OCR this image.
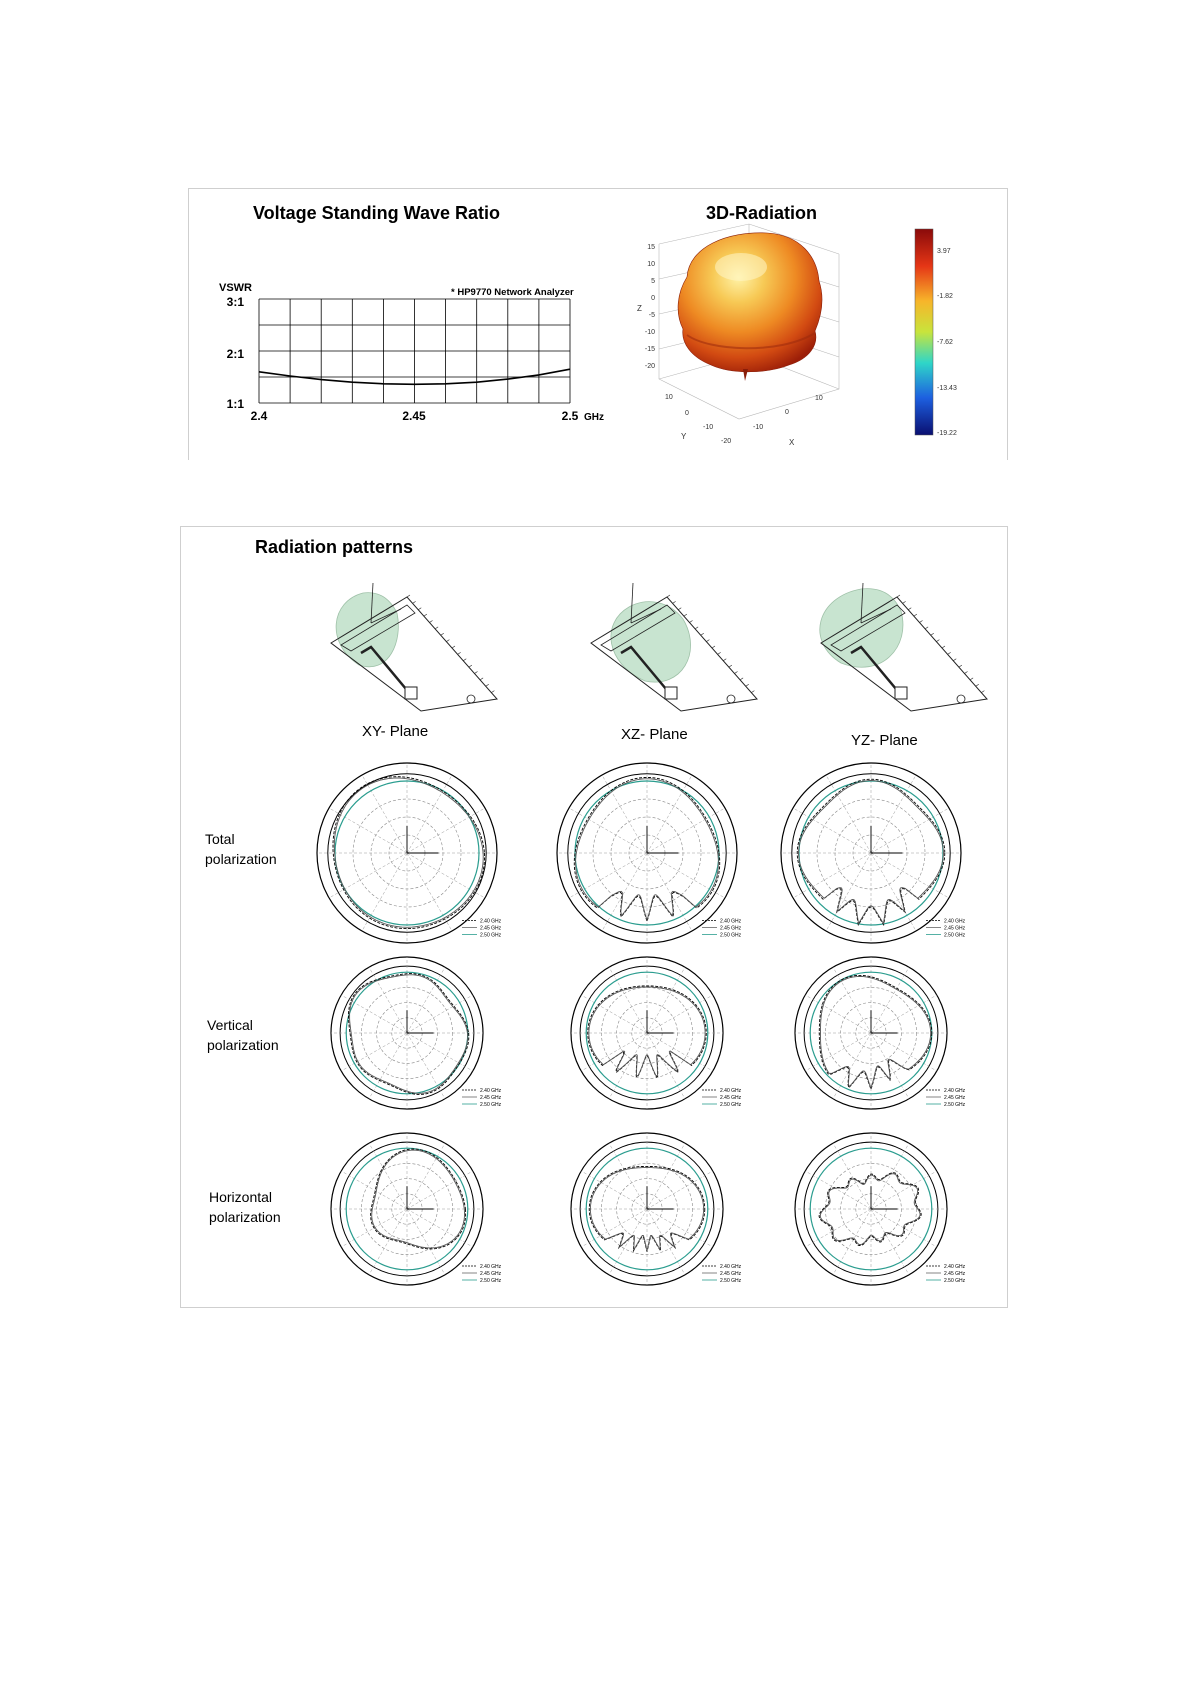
Voltage Standing Wave Ratio	3D-Radiation
VSWR
3:1
2:1
1:1
* HP9770 Network Analyzer
2.4	2.45	2.5 GHz
15
10
5
0
-5
-10
-15
-20
Z
10
0
-10
-20
Y
-10
0
10
X
3.97
-1.82
-7.62
-13.43
-19.22
Radiation patterns
XY- Plane	XZ- Plane	YZ- Plane
Total
polarization
Vertical
polarization
Horizontal
polarization
2.40 GHz
2.45 GHz
2.50 GHz
2.40 GHz
2.45 GHz
2.50 GHz
2.40 GHz
2.45 GHz
2.50 GHz
2.40 GHz
2.45 GHz
2.50 GHz
2.40 GHz
2.45 GHz
2.50 GHz
2.40 GHz
2.45 GHz
2.50 GHz
2.40 GHz
2.45 GHz
2.50 GHz
2.40 GHz
2.45 GHz
2.50 GHz
2.40 GHz
2.45 GHz
2.50 GHz
